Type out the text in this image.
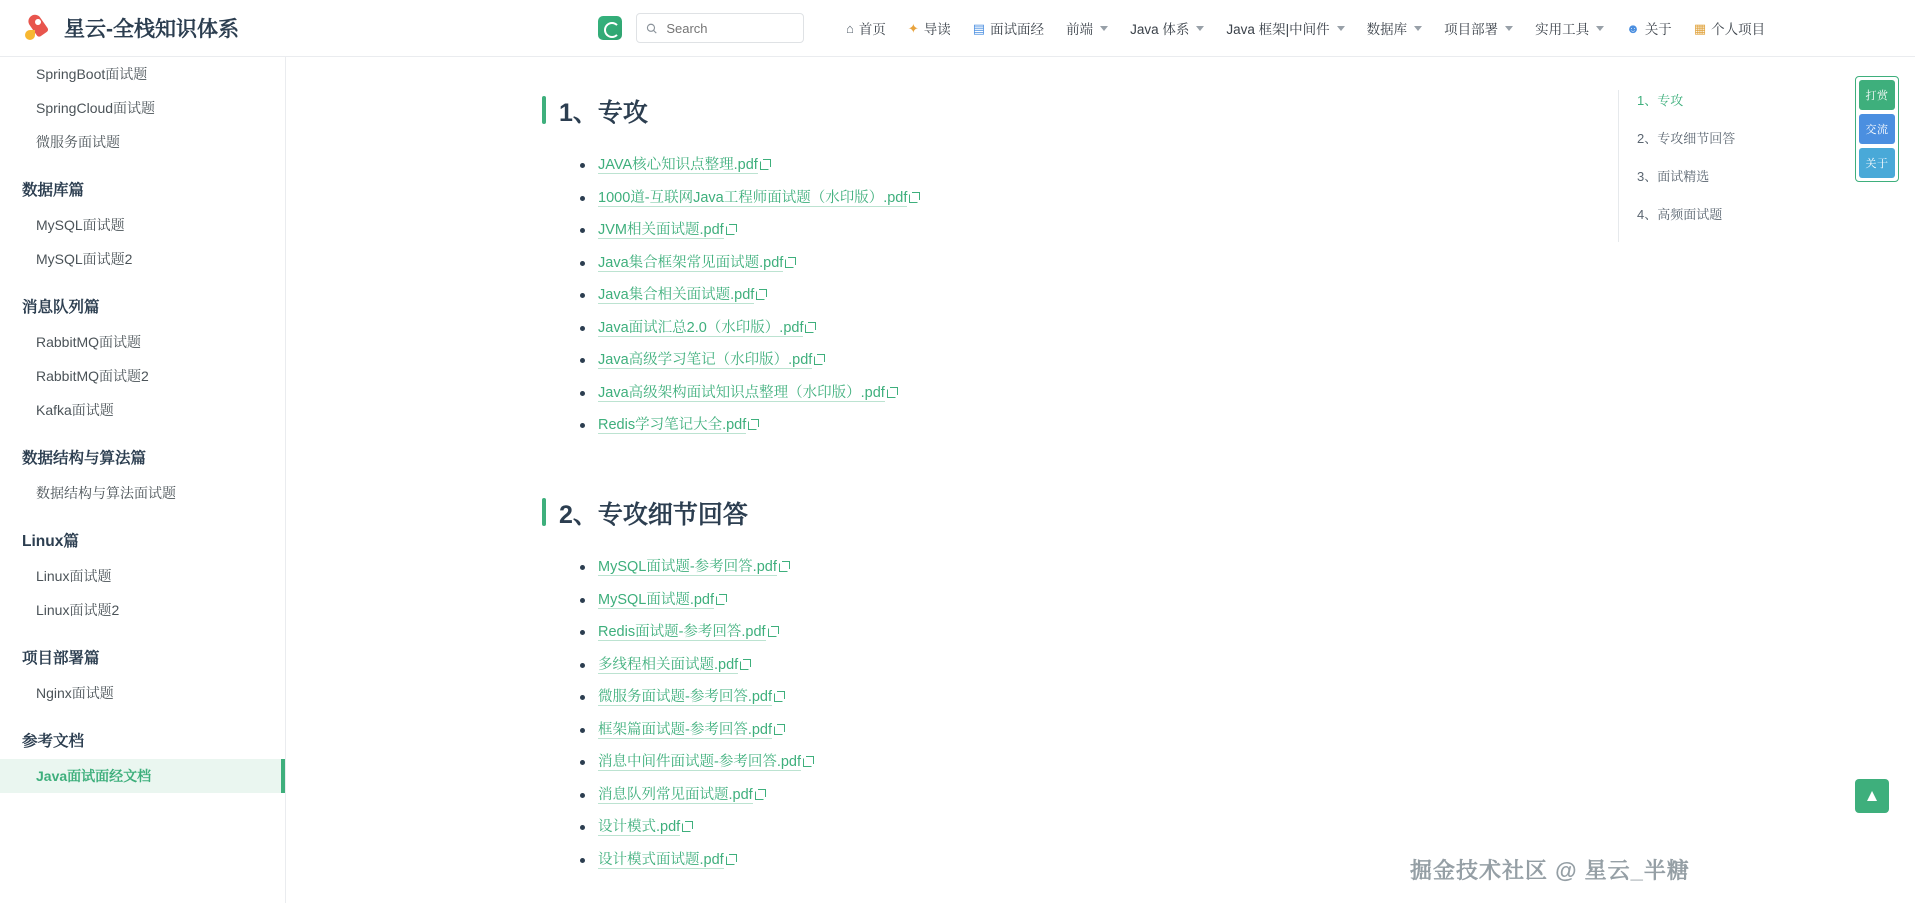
星云-全栈知识体系
Search	⌂ 首页 ✦ 导读 ▤ 面试面经 前端	Java 体系	Java 框架|中间件	数据库	项目部署	实用工具	☻ 关于 ▦ 个人项目
SpringBoot面试题
SpringCloud面试题
微服务面试题
数据库篇
MySQL面试题
MySQL面试题2
消息队列篇
RabbitMQ面试题
RabbitMQ面试题2
Kafka面试题
数据结构与算法篇
数据结构与算法面试题
Linux篇
Linux面试题
Linux面试题2
项目部署篇
Nginx面试题
参考文档
Java面试面经文档
1、专攻
JAVA核心知识点整理.pdf
1000道-互联网Java工程师面试题（水印版）.pdf
JVM相关面试题.pdf
Java集合框架常见面试题.pdf
Java集合相关面试题.pdf
Java面试汇总2.0（水印版）.pdf
Java高级学习笔记（水印版）.pdf
Java高级架构面试知识点整理（水印版）.pdf
Redis学习笔记大全.pdf
2、专攻细节回答
MySQL面试题-参考回答.pdf
MySQL面试题.pdf
Redis面试题-参考回答.pdf
多线程相关面试题.pdf
微服务面试题-参考回答.pdf
框架篇面试题-参考回答.pdf
消息中间件面试题-参考回答.pdf
消息队列常见面试题.pdf
设计模式.pdf
设计模式面试题.pdf
1、专攻
2、专攻细节回答
3、面试精选
4、高频面试题
打赏
交流
关于
▲
掘金技术社区 @ 星云_半糖
